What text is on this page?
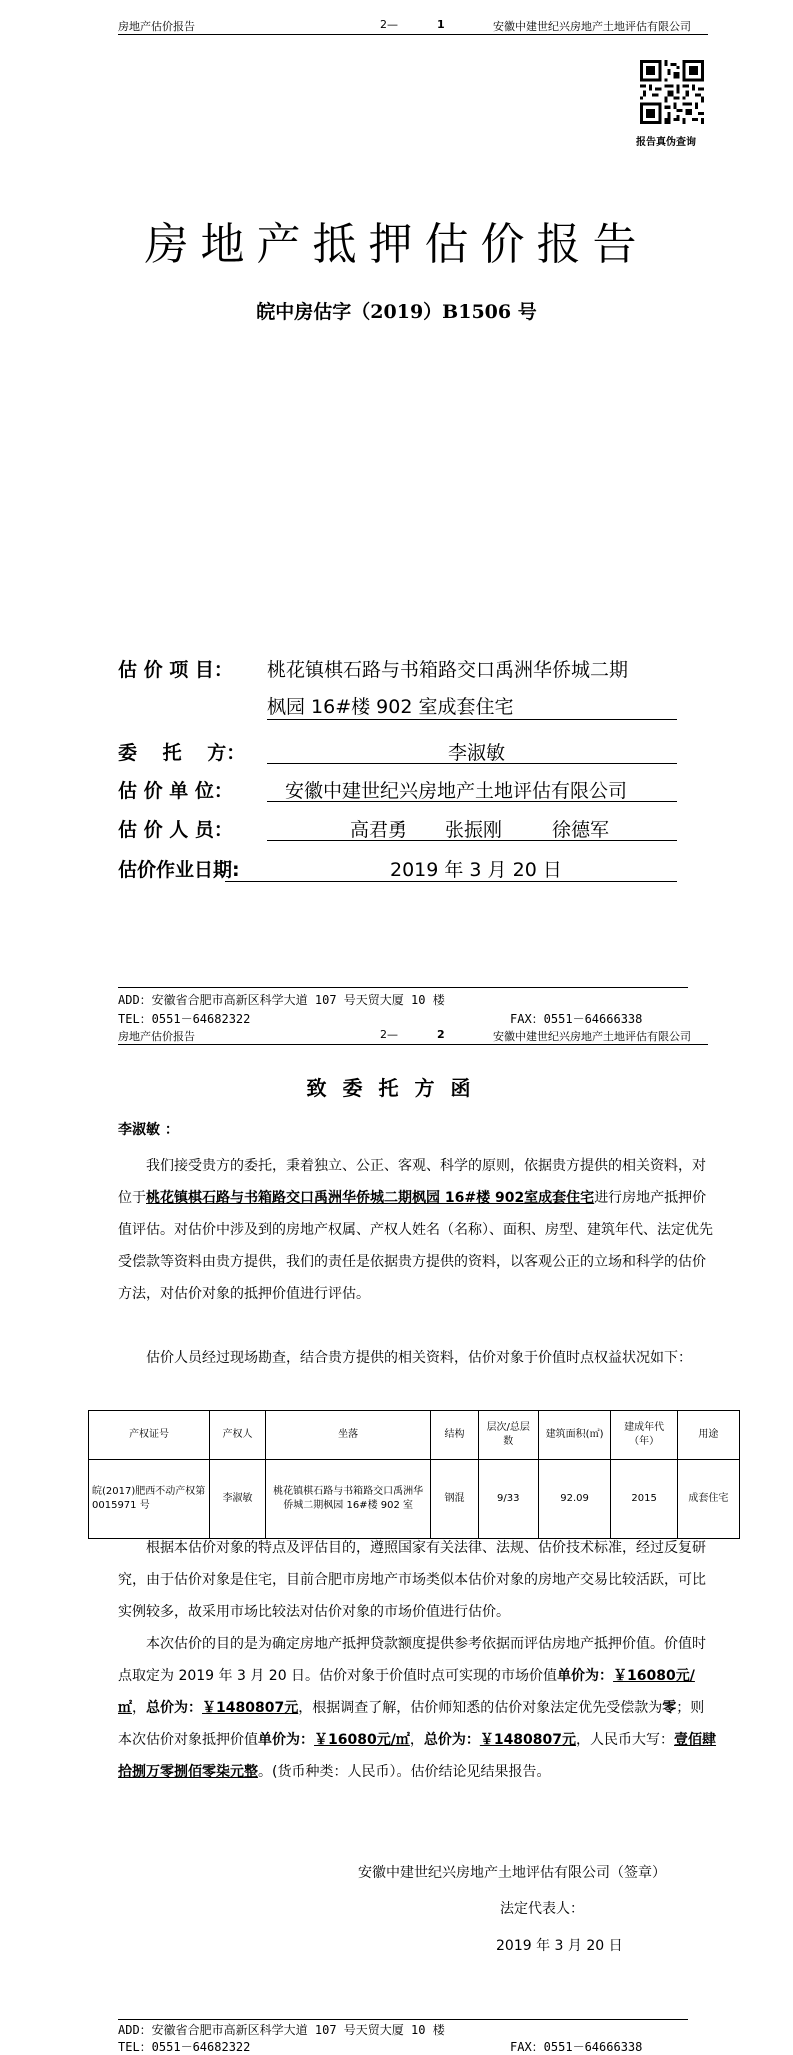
房地产估价报告	2—	1	安徽中建世纪兴房地产土地评估有限公司
报告真伪查询
房地产抵押估价报告
皖中房估字（2019）B1506 号
估 价 项 目： 桃花镇棋石路与书箱路交口禹洲华侨城二期
枫园 16#楼 902 室成套住宅
委　 托　 方：	李淑敏
估 价 单 位：	安徽中建世纪兴房地产土地评估有限公司
估 价 人 员：	高君勇 张振刚	徐德军
估价作业日期:	2019 年 3 月 20 日
ADD：安徽省合肥市高新区科学大道 107 号天贸大厦 10 楼
TEL：0551－64682322	FAX：0551－64666338
房地产估价报告	2—	2	安徽中建世纪兴房地产土地评估有限公司
致委托方函
李淑敏 ：
我们接受贵方的委托，秉着独立、公正、客观、科学的原则，依据贵方提供的相关资料，对位于桃花镇棋石路与书箱路交口禹洲华侨城二期枫园 16#楼 902室成套住宅进行房地产抵押价值评估。对估价中涉及到的房地产权属、产权人姓名（名称）、面积、房型、建筑年代、法定优先受偿款等资料由贵方提供，我们的责任是依据贵方提供的资料，以客观公正的立场和科学的估价方法，对估价对象的抵押价值进行评估。
估价人员经过现场勘查，结合贵方提供的相关资料，估价对象于价值时点权益状况如下：
产权证号	产权人	坐落	结构	层次/总层数	建筑面积(㎡)	建成年代（年）	用途
皖(2017)肥西不动产权第 0015971 号	李淑敏	桃花镇棋石路与书箱路交口禹洲华侨城二期枫园 16#楼 902 室	钢混	9/33	92.09	2015	成套住宅
根据本估价对象的特点及评估目的，遵照国家有关法律、法规、估价技术标准，经过反复研究，由于估价对象是住宅，目前合肥市房地产市场类似本估价对象的房地产交易比较活跃，可比实例较多，故采用市场比较法对估价对象的市场价值进行估价。
本次估价的目的是为确定房地产抵押贷款额度提供参考依据而评估房地产抵押价值。价值时点取定为 2019 年 3 月 20 日。估价对象于价值时点可实现的市场价值单价为：￥16080元/㎡，总价为：￥1480807元，根据调查了解，估价师知悉的估价对象法定优先受偿款为零；则本次估价对象抵押价值单价为：￥16080元/㎡，总价为：￥1480807元，人民币大写：壹佰肆拾捌万零捌佰零柒元整。(货币种类：人民币）。估价结论见结果报告。
安徽中建世纪兴房地产土地评估有限公司（签章）
法定代表人：
2019 年 3 月 20 日
ADD：安徽省合肥市高新区科学大道 107 号天贸大厦 10 楼
TEL：0551－64682322	FAX：0551－64666338
